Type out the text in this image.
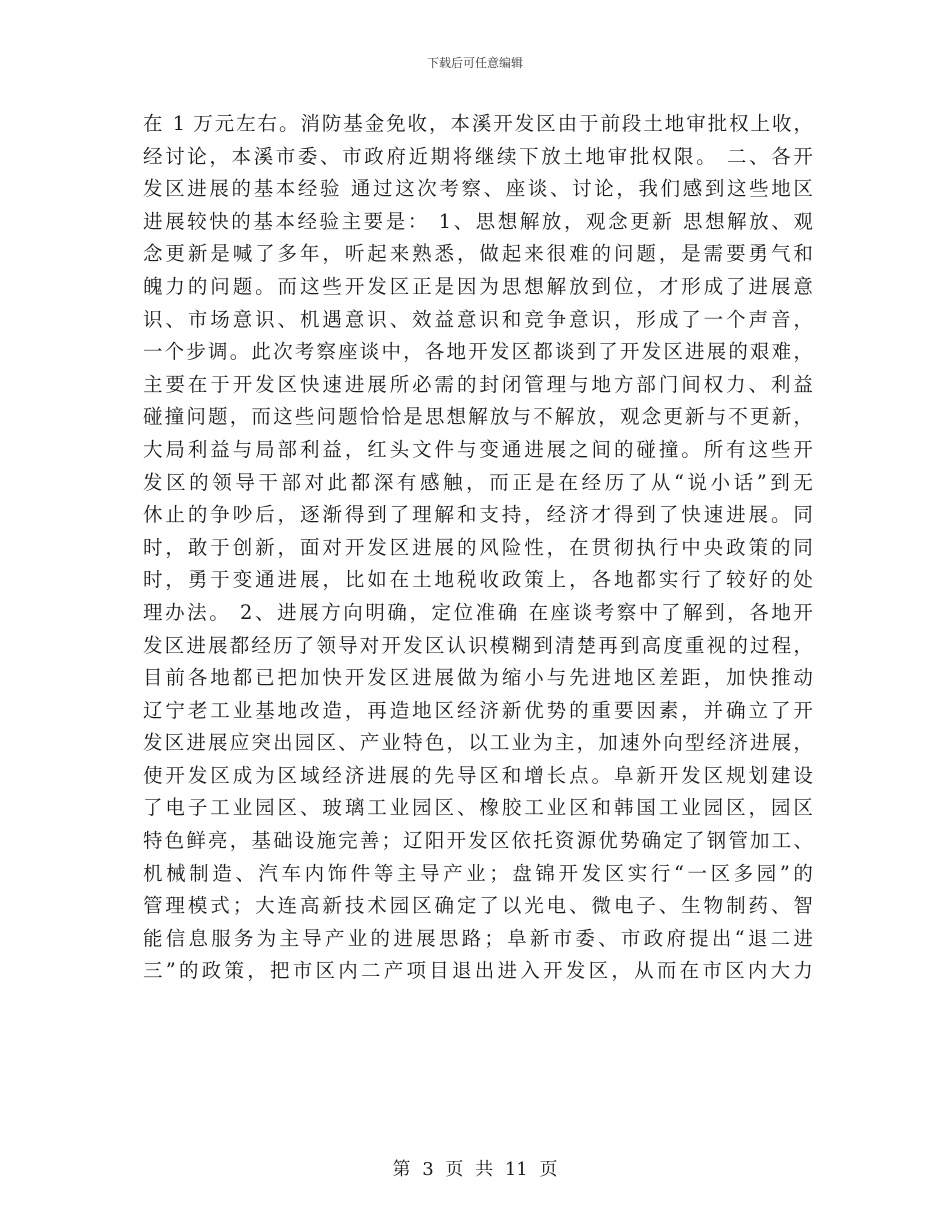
下载后可任意编辑
在 1 万元左右。消防基金免收，本溪开发区由于前段土地审批权上收，
经讨论，本溪市委、市政府近期将继续下放土地审批权限。 二、各开
发区进展的基本经验 通过这次考察、座谈、讨论，我们感到这些地区
进展较快的基本经验主要是： 1、思想解放，观念更新 思想解放、观
念更新是喊了多年，听起来熟悉，做起来很难的问题，是需要勇气和
魄力的问题。而这些开发区正是因为思想解放到位，才形成了进展意
识、市场意识、机遇意识、效益意识和竞争意识，形成了一个声音，
一个步调。此次考察座谈中，各地开发区都谈到了开发区进展的艰难，
主要在于开发区快速进展所必需的封闭管理与地方部门间权力、利益
碰撞问题，而这些问题恰恰是思想解放与不解放，观念更新与不更新，
大局利益与局部利益，红头文件与变通进展之间的碰撞。所有这些开
发区的领导干部对此都深有感触，而正是在经历了从“说小话”到无
休止的争吵后，逐渐得到了理解和支持，经济才得到了快速进展。同
时，敢于创新，面对开发区进展的风险性，在贯彻执行中央政策的同
时，勇于变通进展，比如在土地税收政策上，各地都实行了较好的处
理办法。 2、进展方向明确，定位准确 在座谈考察中了解到，各地开
发区进展都经历了领导对开发区认识模糊到清楚再到高度重视的过程，
目前各地都已把加快开发区进展做为缩小与先进地区差距，加快推动
辽宁老工业基地改造，再造地区经济新优势的重要因素，并确立了开
发区进展应突出园区、产业特色，以工业为主，加速外向型经济进展，
使开发区成为区域经济进展的先导区和增长点。阜新开发区规划建设
了电子工业园区、玻璃工业园区、橡胶工业区和韩国工业园区，园区
特色鲜亮，基础设施完善；辽阳开发区依托资源优势确定了钢管加工、
机械制造、汽车内饰件等主导产业；盘锦开发区实行“一区多园”的
管理模式；大连高新技术园区确定了以光电、微电子、生物制药、智
能信息服务为主导产业的进展思路；阜新市委、市政府提出“退二进
三”的政策，把市区内二产项目退出进入开发区，从而在市区内大力
第 3 页 共 11 页
